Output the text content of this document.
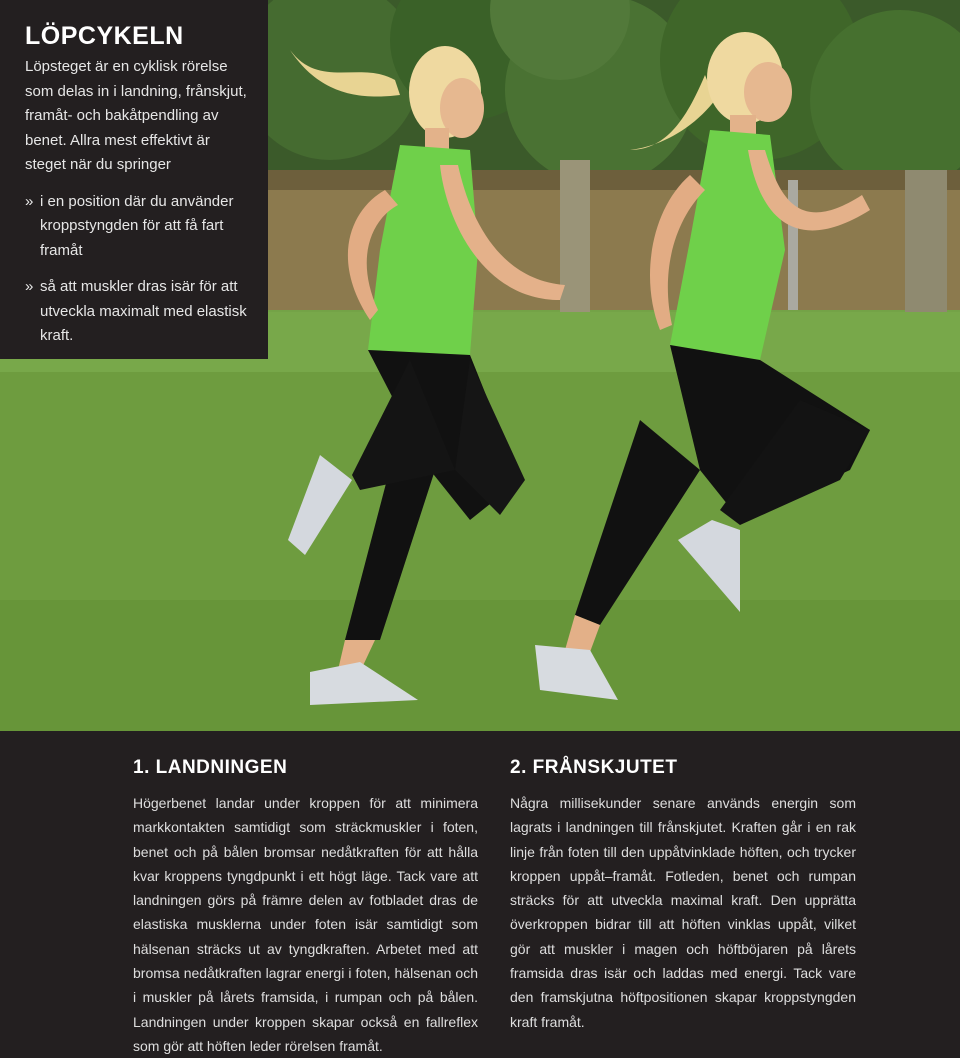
LÖPCYKELN

Löpsteget är en cyklisk rörelse som delas in i landning, frånskjut, framåt- och bakåtpendling av benet. Allra mest effektivt är steget när du springer

» i en position där du använder kroppstyngden för att få fart framåt

» så att muskler dras isär för att utveckla maximalt med elastisk kraft.

1. LANDNINGEN

Högerbenet landar under kroppen för att minimera markkontakten samtidigt som sträckmuskler i foten, benet och på bålen bromsar nedåtkraften för att hålla kvar kroppens tyngdpunkt i ett högt läge. Tack vare att landningen görs på främre delen av fotbladet dras de elastiska musklerna under foten isär samtidigt som hälsenan sträcks ut av tyngdkraften. Arbetet med att bromsa nedåtkraften lagrar energi i foten, hälsenan och i muskler på lårets framsida, i rumpan och på bålen. Landningen under kroppen skapar också en fallreflex som gör att höften leder rörelsen framåt.

2. FRÅNSKJUTET

Några millisekunder senare används energin som lagrats i landningen till frånskjutet. Kraften går i en rak linje från foten till den uppåtvinklade höften, och trycker kroppen uppåt–framåt. Fotleden, benet och rumpan sträcks för att utveckla maximal kraft. Den upprätta överkroppen bidrar till att höften vinklas uppåt, vilket gör att muskler i magen och höftböjaren på lårets framsida dras isär och laddas med energi. Tack vare den framskjutna höftpositionen skapar kroppstyngden kraft framåt.
